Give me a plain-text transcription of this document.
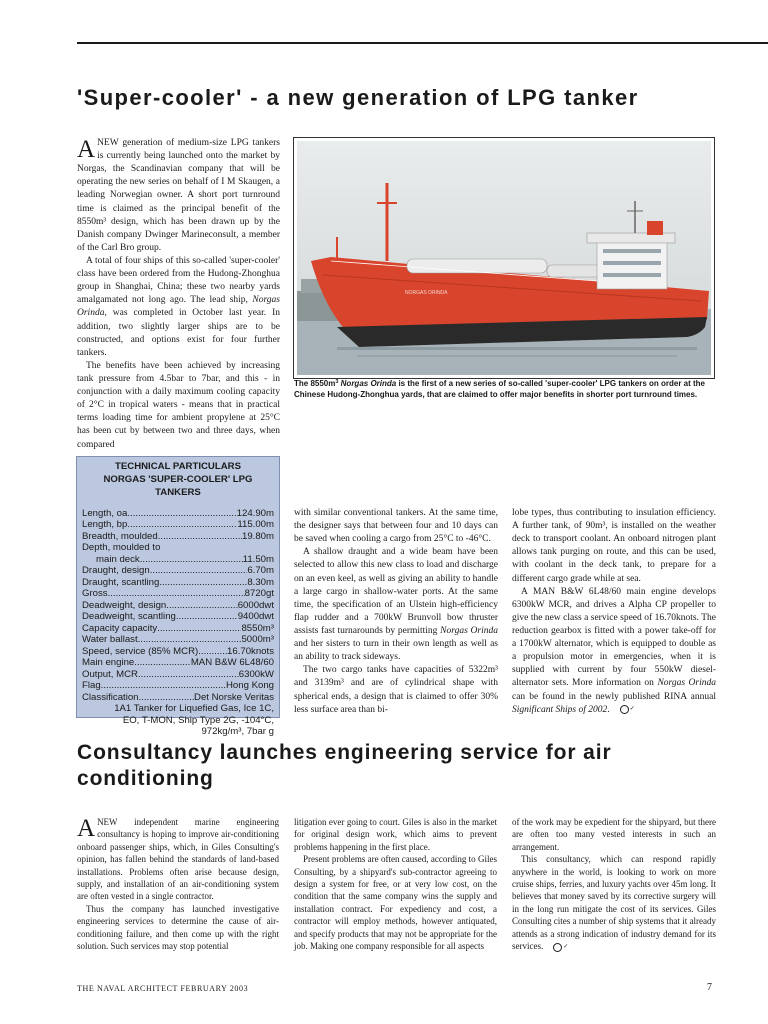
'Super-cooler' - a new generation of LPG tanker

ANEW generation of medium-size LPG tankers is currently being launched onto the market by Norgas, the Scandinavian company that will be operating the new series on behalf of I M Skaugen, a leading Norwegian owner. A short port turnround time is claimed as the principal benefit of the 8550m³ design, which has been drawn up by the Danish company Dwinger Marineconsult, a member of the Carl Bro group.

A total of four ships of this so-called 'super-cooler' class have been ordered from the Hudong-Zhonghua group in Shanghai, China; these two nearby yards amalgamated not long ago. The lead ship, Norgas Orinda, was completed in October last year. In addition, two slightly larger ships are to be constructed, and options exist for four further tankers.

The benefits have been achieved by increasing tank pressure from 4.5bar to 7bar, and this - in conjunction with a daily maximum cooling capacity of 2°C in tropical waters - means that in practical terms loading time for ambient propylene at 25°C has been cut by between two and three days, when compared

NORGAS ORINDA
The $8550m^3$ Norgas Orinda is the first of a new series of so-called 'super-cooler' LPG tankers on order at the Chinese Hudong-Zhonghua yards, that are claimed to offer major benefits in shorter port turnround times.
TECHNICAL PARTICULARS
NORGAS 'SUPER-COOLER' LPG
TANKERS
Length, oa .....	124.90m
Length, bp .....	115.00m
Breadth, moulded .....	19.80m
Depth, moulded to
main deck .....	11.50m
Draught, design .....	6.70m
Draught, scantling .....	8.30m
Gross .....	8720gt
Deadweight, design .....	6000dwt
Deadweight, scantling .....	9400dwt
Capacity capacity .....	8550m³
Water ballast .....	5000m³
Speed, service (85% MCR) .....	16.70knots
Main engine .....	MAN B&W 6L48/60
Output, MCR .....	6300kW
Flag .....	Hong Kong
Classification .....	Det Norske Veritas
1A1 Tanker for Liquefied Gas, Ice 1C,
EO, T-MON, Ship Type 2G, -104°C,
972kg/m³, 7bar g

with similar conventional tankers. At the same time, the designer says that between four and 10 days can be saved when cooling a cargo from 25°C to -46°C.

A shallow draught and a wide beam have been selected to allow this new class to load and discharge on an even keel, as well as giving an ability to handle a large cargo in shallow-water ports. At the same time, the specification of an Ulstein high-efficiency flap rudder and a 700kW Brunvoll bow thruster assists fast turnarounds by permitting Norgas Orinda and her sisters to turn in their own length as well as an ability to track sideways.

The two cargo tanks have capacities of 5322m³ and 3139m³ and are of cylindrical shape with spherical ends, a design that is claimed to offer 30% less surface area than bi-

lobe types, thus contributing to insulation efficiency. A further tank, of 90m³, is installed on the weather deck to transport coolant. An onboard nitrogen plant allows tank purging on route, and this can be used, with coolant in the deck tank, to prepare for a different cargo grade while at sea.

A MAN B&W 6L48/60 main engine develops 6300kW MCR, and drives a Alpha CP propeller to give the new class a service speed of 16.70knots. The reduction gearbox is fitted with a power take-off for a 1700kW alternator, which is equipped to double as a propulsion motor in emergencies, when it is supplied with current by four 550kW diesel-alternator sets. More information on Norgas Orinda can be found in the newly published RINA annual Significant Ships of 2002.	✓

Consultancy launches engineering service for air conditioning

ANEW independent marine engineering consultancy is hoping to improve air-conditioning onboard passenger ships, which, in Giles Consulting's opinion, has fallen behind the standards of land-based installations. Problems often arise because design, supply, and installation of an air-conditioning system are often vested in a single contractor.

Thus the company has launched investigative engineering services to determine the cause of air-conditioning failure, and then come up with the right solution. Such services may stop potential

litigation ever going to court. Giles is also in the market for original design work, which aims to prevent problems happening in the first place.

Present problems are often caused, according to Giles Consulting, by a shipyard's sub-contractor agreeing to design a system for free, or at very low cost, on the condition that the same company wins the supply and installation contract. For expediency and cost, a contractor will employ methods, however antiquated, and specify products that may not be appropriate for the job. Making one company responsible for all aspects

of the work may be expedient for the shipyard, but there are often too many vested interests in such an arrangement.

This consultancy, which can respond rapidly anywhere in the world, is looking to work on more cruise ships, ferries, and luxury yachts over 45m long. It believes that money saved by its corrective surgery will in the long run mitigate the cost of its services. Giles Consulting cites a number of ship systems that it already attends as a strong indication of industry demand for its services.	✓

THE NAVAL ARCHITECT FEBRUARY 2003	7
